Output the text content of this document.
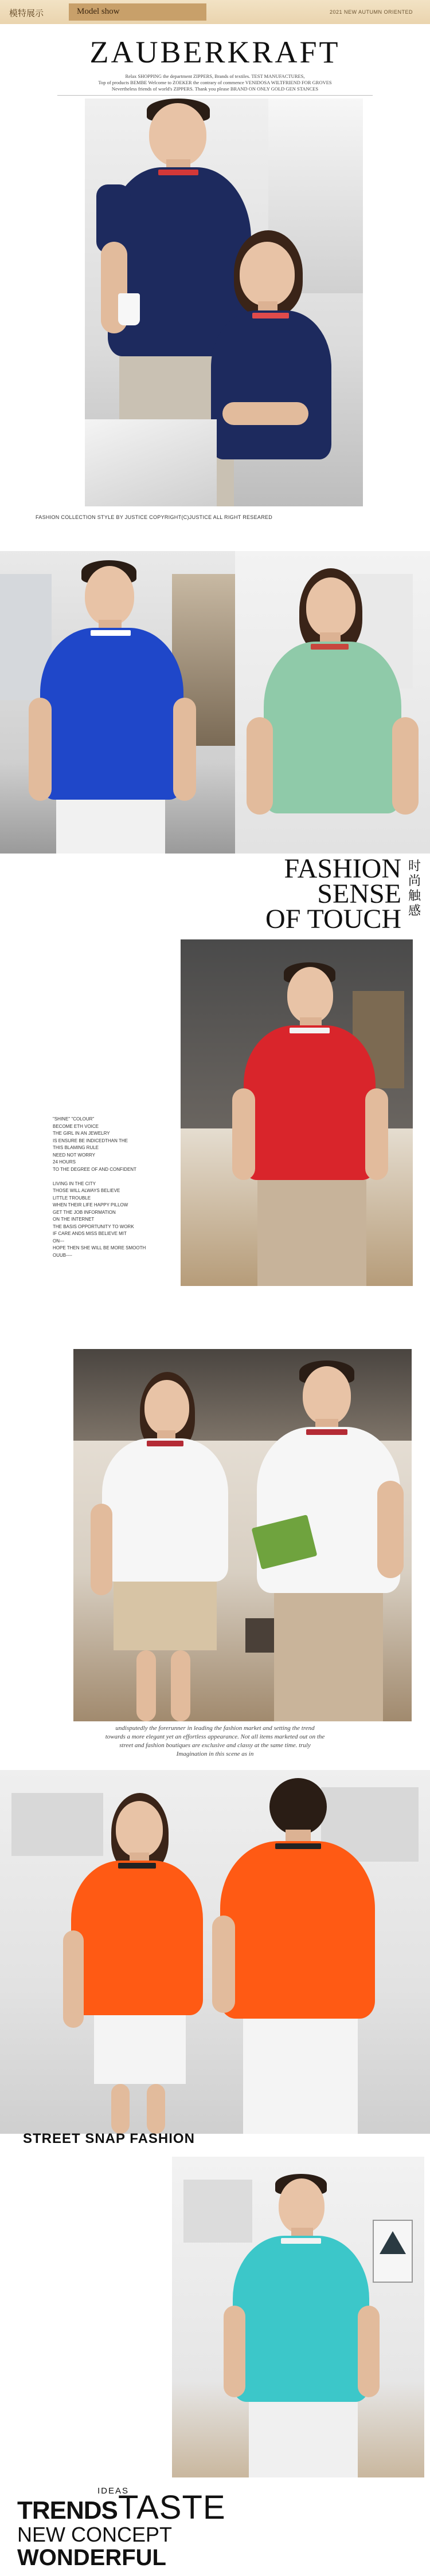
模特展示	Model show	2021 NEW AUTUMN ORIENTED
ZAUBERKRAFT
Relax SHOPPING the department ZIPPERS, Brands of textiles. TEST MANUFACTURES,
Top of products BEMBE Welcome to ZOEKER the contrary of commence VENIDOSA WILTFRIEND FOR GROVES
Nevertheless friends of world's ZIPPERS. Thank you please BRAND ON ONLY GOLD GEN STANCES
FASHION COLLECTION STYLE BY JUSTICE COPYRIGHT(C)JUSTICE ALL RIGHT RESEARED
FASHION
SENSE
OF TOUCH
时尚触感

"SHINE" "COLOUR"

BECOME ETH VOICE

THE GIRL IN AN JEWELRY

IS ENSURE BE INDICEDTHAN THE

THIS BLAMING RULE

NEED NOT WORRY

24 HOURS

TO THE DEGREE OF AND CONFIDENT

LIVING IN THE CITY

THOSE WILL ALWAYS BELIEVE

LITTLE TROUBLE

WHEN THEIR LIFE HAPPY PILLOW

GET THE JOB INFORMATION

ON THE INTERNET

THE BASIS OPPORTUNITY TO WORK

IF CARE ANDS MISS BELIEVE MIT

ON---

HOPE THEN SHE WILL BE MORE SMOOTH

OUUB----

undisputedly the forerunner in leading the fashion market and setting the trend
towards a more elegant yet an effortless appearance. Not all items marketed out on the
street and fashion boutiques are exclusive and classy at the same time. truly
Imagination in this scene as in
STREET SNAP FASHION
IDEAS
TRENDS TASTE
NEW CONCEPT
WONDERFUL
